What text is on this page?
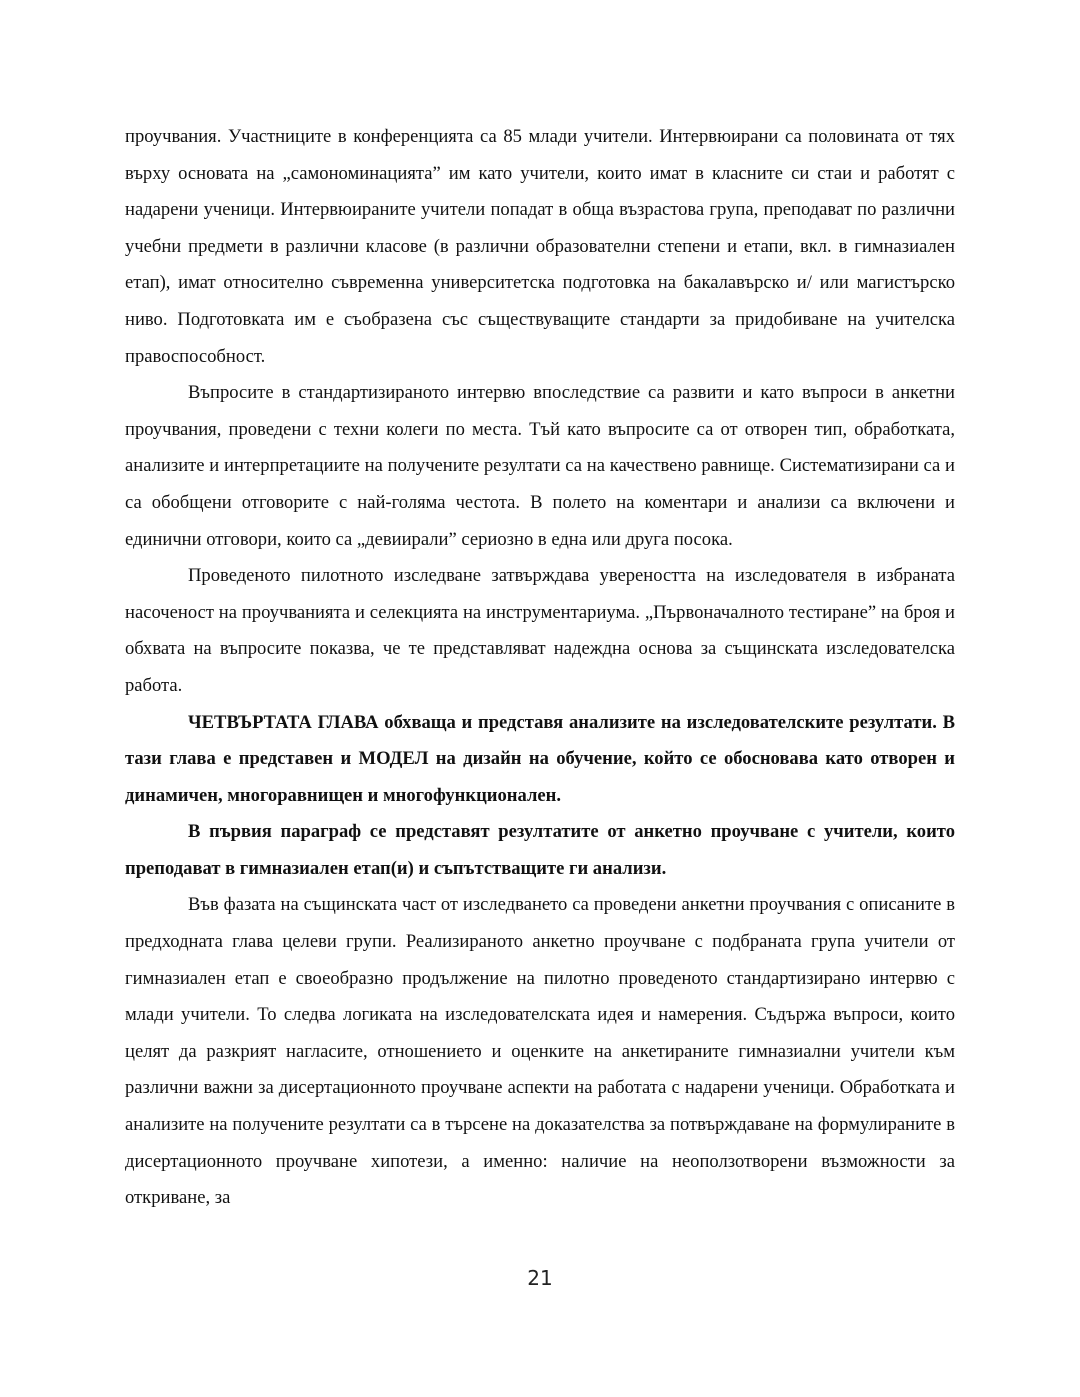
проучвания. Участниците в конференцията са 85 млади учители. Интервюирани са половината от тях върху основата на „самономинацията” им като учители, които имат в класните си стаи и работят с надарени ученици. Интервюираните учители попадат в обща възрастова група, преподават по различни учебни предмети в различни класове (в различни образователни степени и етапи, вкл. в гимназиален етап), имат относително съвременна университетска подготовка на бакалавърско и/ или магистърско ниво. Подготовката им е съобразена със съществуващите стандарти за придобиване на учителска правоспособност.

Въпросите в стандартизираното интервю впоследствие са развити и като въпроси в анкетни проучвания, проведени с техни колеги по места. Тъй като въпросите са от отворен тип, обработката, анализите и интерпретациите на получените резултати са на качествено равнище. Систематизирани са и са обобщени отговорите с най-голяма честота. В полето на коментари и анализи са включени и единични отговори, които са „девиирали” сериозно в една или друга посока.

Проведеното пилотното изследване затвърждава увереността на изследователя в избраната насоченост на проучванията и селекцията на инструментариума. „Първоначалното тестиране” на броя и обхвата на въпросите показва, че те представляват надеждна основа за същинската изследователска работа.

ЧЕТВЪРТАТА ГЛАВА обхваща и представя анализите на изследователските резултати. В тази глава е представен и МОДЕЛ на дизайн на обучение, който се обосновава като отворен и динамичен, многоравнищен и многофункционален.

В първия параграф се представят резултатите от анкетно проучване с учители, които преподават в гимназиален етап(и) и съпътстващите ги анализи.

Във фазата на същинската част от изследването са проведени анкетни проучвания с описаните в предходната глава целеви групи. Реализираното анкетно проучване с подбраната група учители от гимназиален етап е своеобразно продължение на пилотно проведеното стандартизирано интервю с млади учители. То следва логиката на изследователската идея и намерения. Съдържа въпроси, които целят да разкрият нагласите, отношението и оценките на анкетираните гимназиални учители към различни важни за дисертационното проучване аспекти на работата с надарени ученици. Обработката и анализите на получените резултати са в търсене на доказателства за потвърждаване на формулираните в дисертационното проучване хипотези, а именно: наличие на неоползотворени възможности за откриване, за

21
